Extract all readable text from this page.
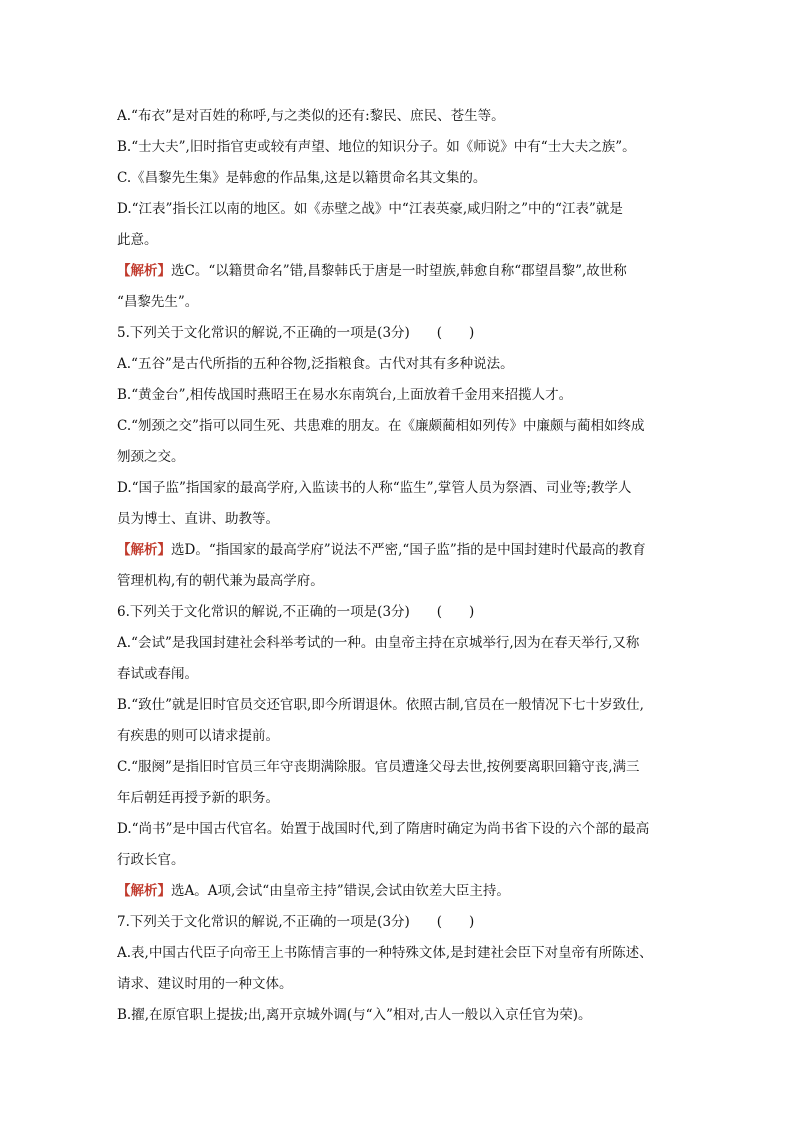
A.“布衣”是对百姓的称呼,与之类似的还有:黎民、庶民、苍生等。
B.“士大夫”,旧时指官吏或较有声望、地位的知识分子。如《师说》中有“士大夫之族”。
C.《昌黎先生集》是韩愈的作品集,这是以籍贯命名其文集的。
D.“江表”指长江以南的地区。如《赤壁之战》中“江表英豪,咸归附之”中的“江表”就是
此意。
【解析】选C。“以籍贯命名”错,昌黎韩氏于唐是一时望族,韩愈自称“郡望昌黎”,故世称
“昌黎先生”。
5.下列关于文化常识的解说,不正确的一项是(3分)　　(　　)
A.“五谷”是古代所指的五种谷物,泛指粮食。古代对其有多种说法。
B.“黄金台”,相传战国时燕昭王在易水东南筑台,上面放着千金用来招揽人才。
C.“刎颈之交”指可以同生死、共患难的朋友。在《廉颇蔺相如列传》中廉颇与蔺相如终成
刎颈之交。
D.“国子监”指国家的最高学府,入监读书的人称“监生”,掌管人员为祭酒、司业等;教学人
员为博士、直讲、助教等。
【解析】选D。“指国家的最高学府”说法不严密,“国子监”指的是中国封建时代最高的教育
管理机构,有的朝代兼为最高学府。
6.下列关于文化常识的解说,不正确的一项是(3分)　　(　　)
A.“会试”是我国封建社会科举考试的一种。由皇帝主持在京城举行,因为在春天举行,又称
春试或春闱。
B.“致仕”就是旧时官员交还官职,即今所谓退休。依照古制,官员在一般情况下七十岁致仕,
有疾患的则可以请求提前。
C.“服阕”是指旧时官员三年守丧期满除服。官员遭逢父母去世,按例要离职回籍守丧,满三
年后朝廷再授予新的职务。
D.“尚书”是中国古代官名。始置于战国时代,到了隋唐时确定为尚书省下设的六个部的最高
行政长官。
【解析】选A。A项,会试“由皇帝主持”错误,会试由钦差大臣主持。
7.下列关于文化常识的解说,不正确的一项是(3分)　　(　　)
A.表,中国古代臣子向帝王上书陈情言事的一种特殊文体,是封建社会臣下对皇帝有所陈述、
请求、建议时用的一种文体。
B.擢,在原官职上提拔;出,离开京城外调(与“入”相对,古人一般以入京任官为荣)。
